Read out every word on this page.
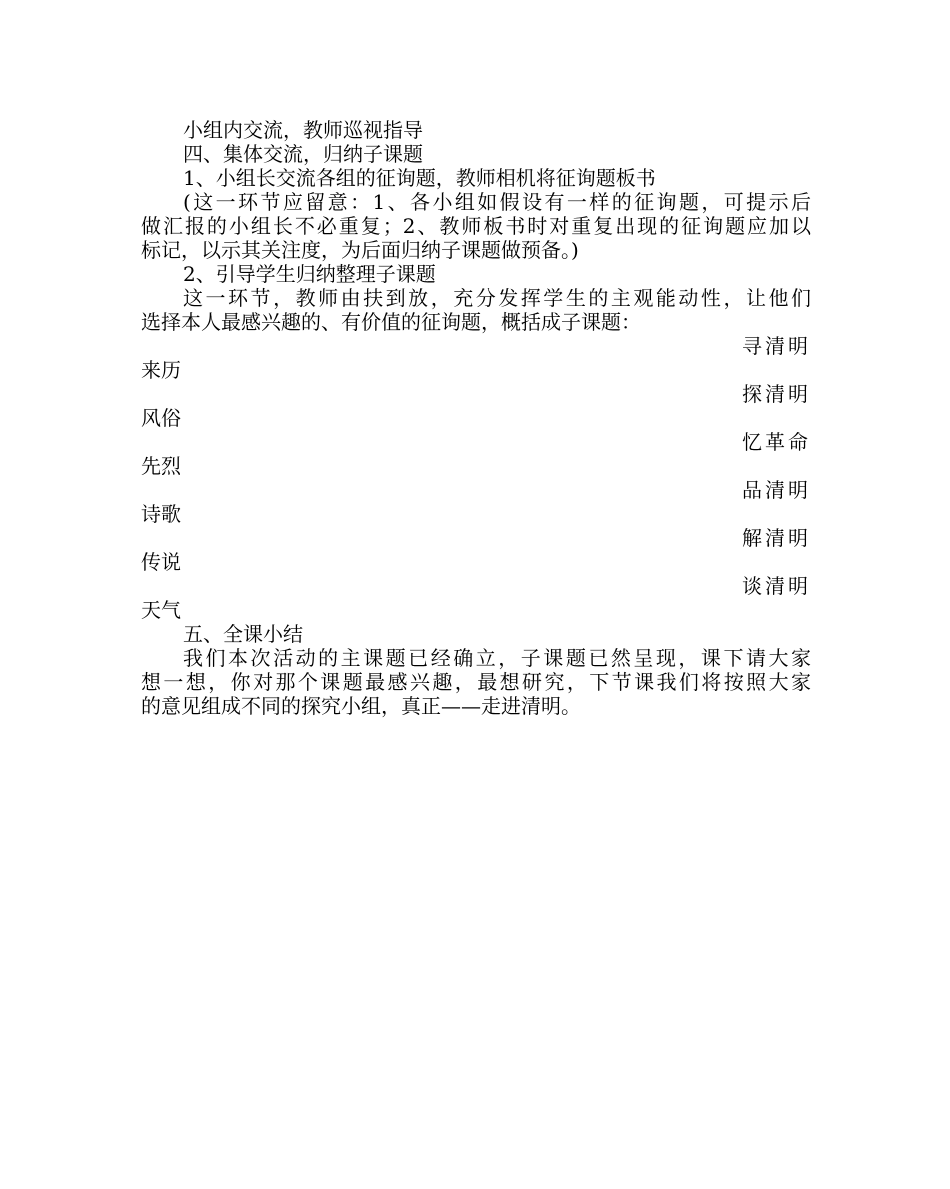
小组内交流，教师巡视指导
四、集体交流，归纳子课题
1、小组长交流各组的征询题，教师相机将征询题板书
(这一环节应留意：1、各小组如假设有一样的征询题，可提示后
做汇报的小组长不必重复；2、教师板书时对重复出现的征询题应加以
标记，以示其关注度，为后面归纳子课题做预备。)
2、引导学生归纳整理子课题
这一环节，教师由扶到放，充分发挥学生的主观能动性，让他们
选择本人最感兴趣的、有价值的征询题，概括成子课题：
寻清明
来历
探清明
风俗
忆革命
先烈
品清明
诗歌
解清明
传说
谈清明
天气
五、全课小结
我们本次活动的主课题已经确立，子课题已然呈现，课下请大家
想一想，你对那个课题最感兴趣，最想研究，下节课我们将按照大家
的意见组成不同的探究小组，真正——走进清明。
